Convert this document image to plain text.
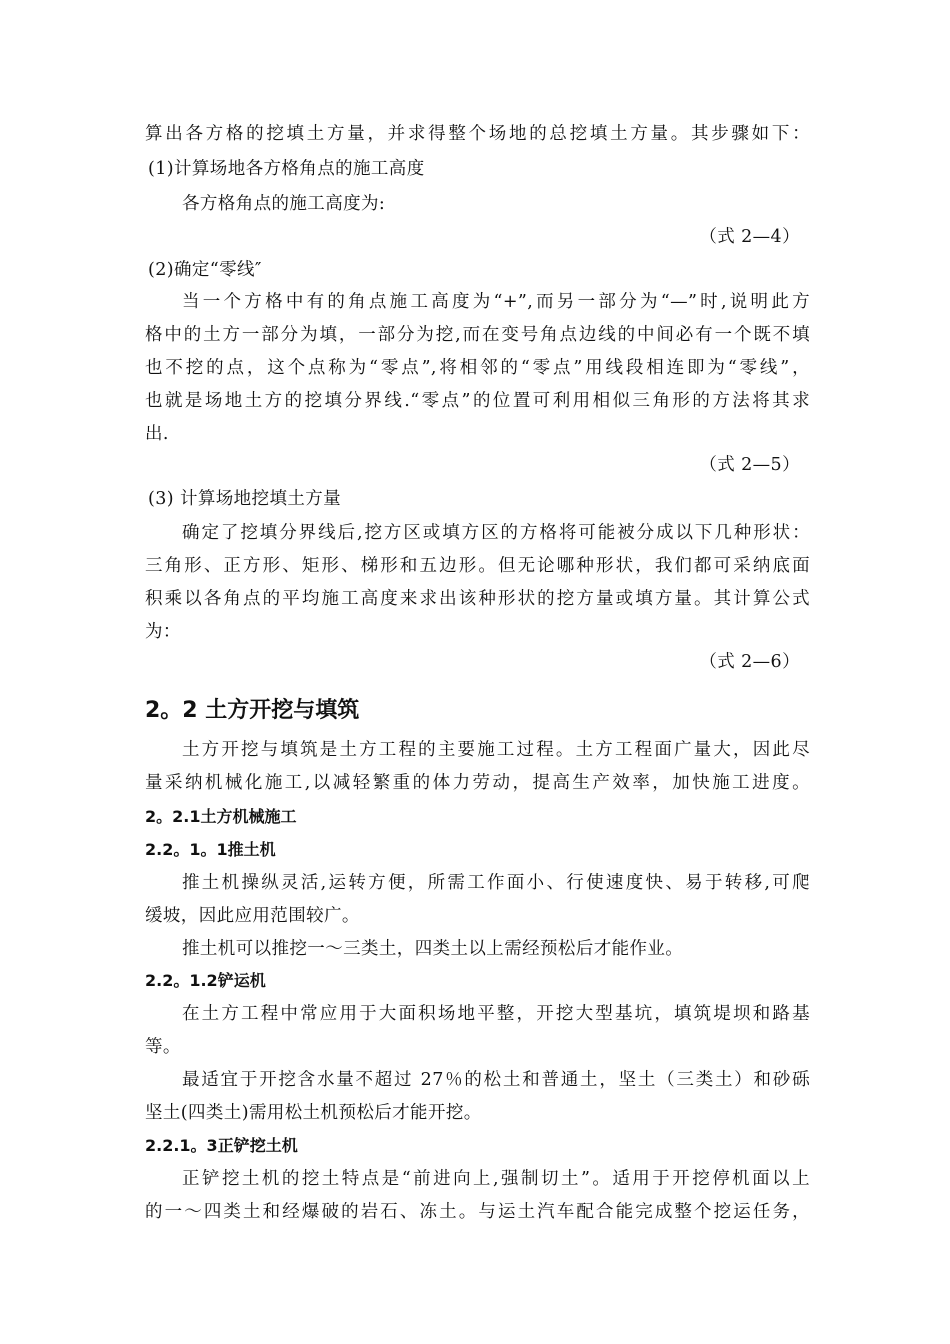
算出各方格的挖填土方量，并求得整个场地的总挖填土方量。其步骤如下：
(1)计算场地各方格角点的施工高度
各方格角点的施工高度为:
（式 2—4）
(2)确定“零线″
当一个方格中有的角点施工高度为“+”,而另一部分为“—”时,说明此方
格中的土方一部分为填，一部分为挖,而在变号角点边线的中间必有一个既不填
也不挖的点，这个点称为“零点”,将相邻的“零点”用线段相连即为“零线”，
也就是场地土方的挖填分界线.“零点”的位置可利用相似三角形的方法将其求
出.
（式 2—5）
(3) 计算场地挖填土方量
确定了挖填分界线后,挖方区或填方区的方格将可能被分成以下几种形状：
三角形、正方形、矩形、梯形和五边形。但无论哪种形状，我们都可采纳底面
积乘以各角点的平均施工高度来求出该种形状的挖方量或填方量。其计算公式
为：
（式 2—6）
2。2 土方开挖与填筑
土方开挖与填筑是土方工程的主要施工过程。土方工程面广量大，因此尽
量采纳机械化施工,以减轻繁重的体力劳动，提高生产效率，加快施工进度。
2。2.1土方机械施工
2.2。1。1推土机
推土机操纵灵活,运转方便，所需工作面小、行使速度快、易于转移,可爬
缓坡，因此应用范围较广。
推土机可以推挖一～三类土，四类土以上需经预松后才能作业。
2.2。1.2铲运机
在土方工程中常应用于大面积场地平整，开挖大型基坑，填筑堤坝和路基
等。
最适宜于开挖含水量不超过 27％的松土和普通土，坚土（三类土）和砂砾
坚土(四类土)需用松土机预松后才能开挖。
2.2.1。3正铲挖土机
正铲挖土机的挖土特点是“前进向上,强制切土”。适用于开挖停机面以上
的一～四类土和经爆破的岩石、冻土。与运土汽车配合能完成整个挖运任务，
